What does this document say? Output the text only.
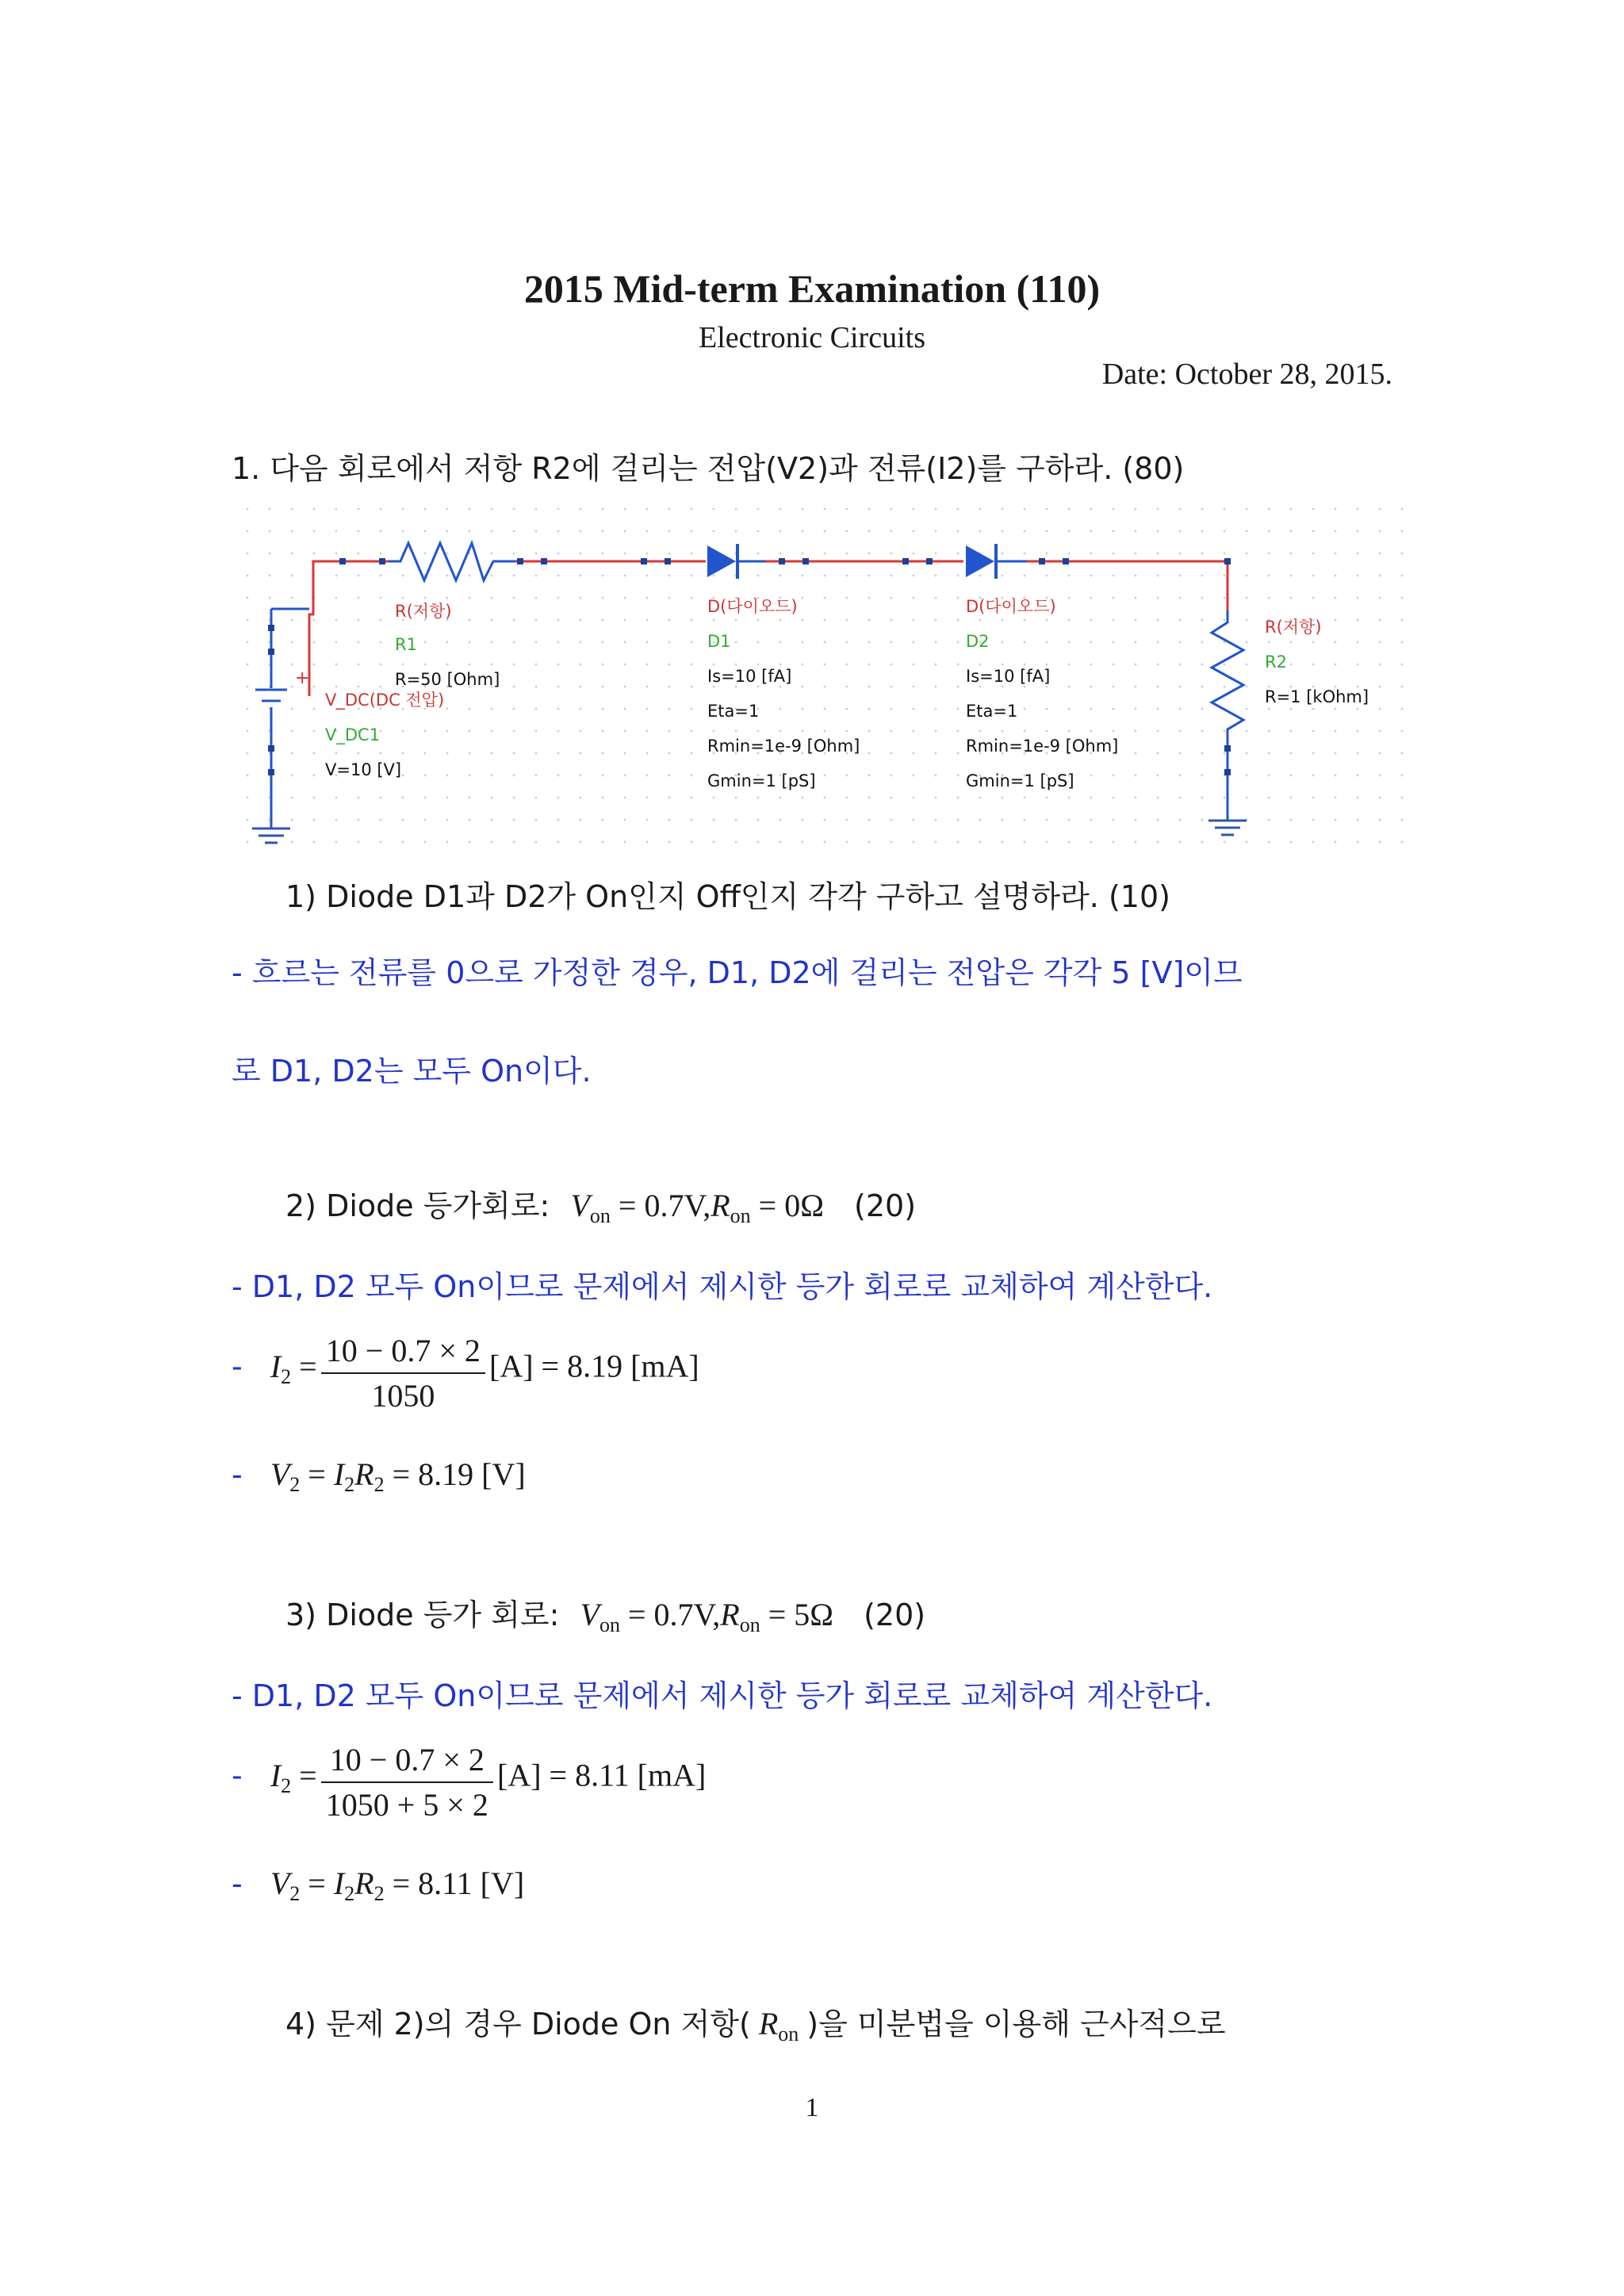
2015 Mid-term Examination (110)
Electronic Circuits
Date: October 28, 2015.
1. 다음 회로에서 저항 R2에 걸리는 전압(V2)과 전류(I2)를 구하라. (80)
+
R(저항)
R1
R=50 [Ohm]
V_DC(DC 전압)
V_DC1
V=10 [V]
D(다이오드)
D1
Is=10 [fA]
Eta=1
Rmin=1e-9 [Ohm]
Gmin=1 [pS]
D(다이오드)
D2
Is=10 [fA]
Eta=1
Rmin=1e-9 [Ohm]
Gmin=1 [pS]
R(저항)
R2
R=1 [kOhm]
1) Diode D1과 D2가 On인지 Off인지 각각 구하고 설명하라. (10)
- 흐르는 전류를 0으로 가정한 경우, D1, D2에 걸리는 전압은 각각 5 [V]이므
로 D1, D2는 모두 On이다.
2) Diode 등가회로: $V_{on} = 0.7V,R_{on} = 0\Omega$ (20)
- D1, D2 모두 On이므로 문제에서 제시한 등가 회로로 교체하여 계산한다.
- $I_2 = \frac{10 - 0.7 \times 2}{1050} [A] = 8.19$ [mA]
- $V_2 = I_2R_2 = 8.19$ [V]
3) Diode 등가 회로: $V_{on} = 0.7V,R_{on} = 5\Omega$ (20)
- D1, D2 모두 On이므로 문제에서 제시한 등가 회로로 교체하여 계산한다.
- $I_2 = \frac{10 - 0.7 \times 2}{1050 + 5 \times 2} [A] = 8.11$ [mA]
- $V_2 = I_2R_2 = 8.11$ [V]
4) 문제 2)의 경우 Diode On 저항( $R_{on}$ )을 미분법을 이용해 근사적으로
1
